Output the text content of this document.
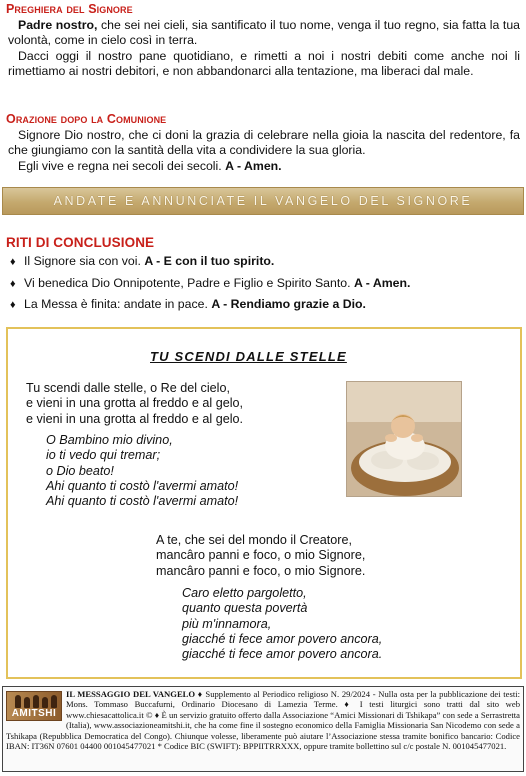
Preghiera del Signore

Padre nostro, che sei nei cieli, sia santificato il tuo nome, venga il tuo regno, sia fatta la tua volontà, come in cielo così in terra.

Dacci oggi il nostro pane quotidiano, e rimetti a noi i nostri debiti come anche noi li rimettiamo ai nostri debitori, e non abbandonarci alla tentazione, ma liberaci dal male.

Orazione dopo la Comunione

Signore Dio nostro, che ci doni la grazia di celebrare nella gioia la nascita del redentore, fa che giungiamo con la santità della vita a condividere la sua gloria.

Egli vive e regna nei secoli dei secoli. A - Amen.

ANDATE E ANNUNCIATE IL VANGELO DEL SIGNORE
RITI DI CONCLUSIONE
♦ Il Signore sia con voi. A - E con il tuo spirito.
♦ Vi benedica Dio Onnipotente, Padre e Figlio e Spirito Santo. A - Amen.
♦ La Messa è finita: andate in pace. A - Rendiamo grazie a Dio.
TU SCENDI DALLE STELLE
Tu scendi dalle stelle, o Re del cielo,
e vieni in una grotta al freddo e al gelo,
e vieni in una grotta al freddo e al gelo.
O Bambino mio divino,
io ti vedo qui tremar;
o Dio beato!
Ahi quanto ti costò l'avermi amato!
Ahi quanto ti costò l'avermi amato!
A te, che sei del mondo il Creatore,
mancâro panni e foco, o mio Signore,
mancâro panni e foco, o mio Signore.
Caro eletto pargoletto,
quanto questa povertà
più m'innamora,
giacché ti fece amor povero ancora,
giacché ti fece amor povero ancora.

AMITSHI
IL MESSAGGIO DEL VANGELO ♦ Supplemento al Periodico religioso N. 29/2024 - Nulla osta per la pubblicazione dei testi: Mons. Tommaso Buccafurni, Ordinario Diocesano di Lamezia Terme. ♦ I testi liturgici sono tratti dal sito web www.chiesacattolica.it © ♦ È un servizio gratuito offerto dalla Associazione “Amici Missionari di Tshikapa” con sede a Serrastretta (Italia), www.associazioneamitshi.it, che ha come fine il sostegno economico della Famiglia Missionaria San Nicodemo con sede a Tshikapa (Repubblica Democratica del Congo). Chiunque volesse, liberamente può aiutare l’Associazione stessa tramite bonifico bancario: Codice IBAN: IT36N 07601 04400 001045477021 * Codice BIC (SWIFT): BPPIITRRXXX, oppure tramite bollettino sul c/c postale N. 001045477021.
